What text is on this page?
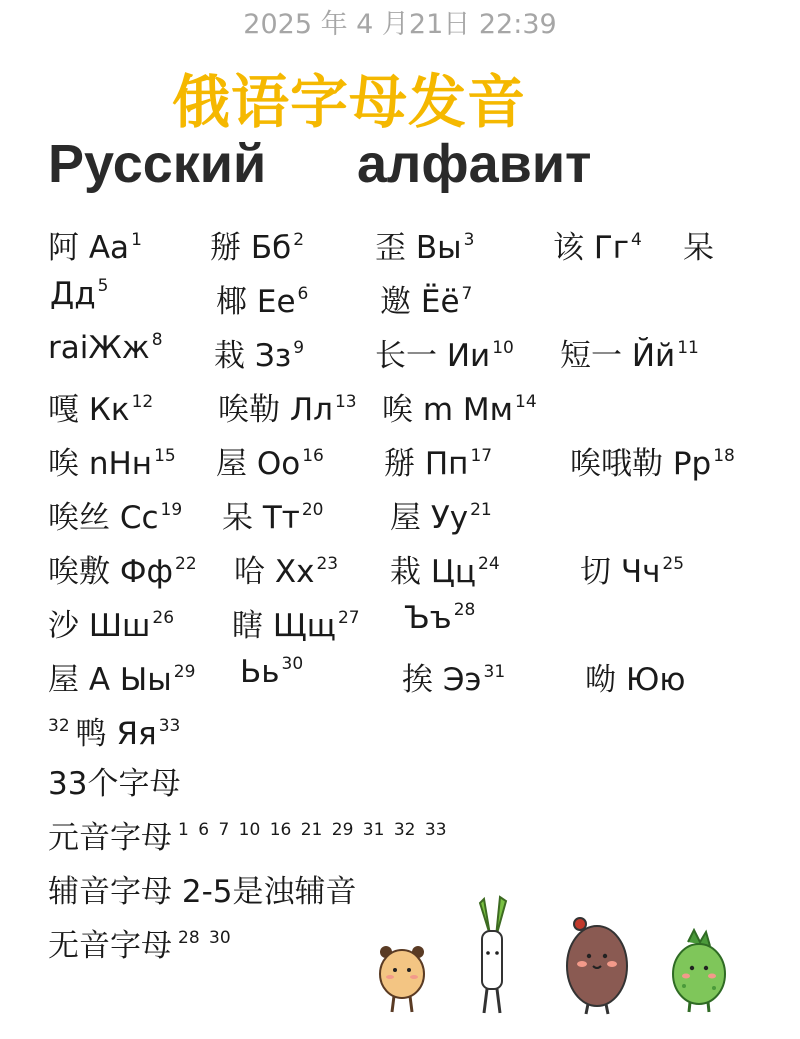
2025 年 4 月21日 22:39
俄语字母发音
Русский алфавит
阿 Aa $^1$ 掰 Бб $^2$ 歪 Вы $^3$	该 Гг $^4$ 呆
Дд $^5$	椰 Ee $^6$ 邀 Ёё $^7$
raiЖж $^8$ 栽 Зз $^9$ 长一 Ии $^{10}$ 短一 Йй $^{11}$
嘎 Кк $^{12}$ 唉勒 Лл $^{13}$ 唉 m Мм $^{14}$
唉 nНн $^{15}$ 屋 Оо $^{16}$ 掰 Пп $^{17}$	唉哦勒 Рр $^{18}$
唉丝 Сс $^{19}$ 呆 Тт $^{20}$ 屋 Уу $^{21}$
唉敷 Фф $^{22}$ 哈 Хх $^{23}$ 栽 Цц $^{24}$	切 Чч $^{25}$
沙 Шш $^{26}$ 瞎 Щщ $^{27}$ Ъъ $^{28}$
屋 A Ыы $^{29}$ Ьь $^{30}$	挨 Ээ $^{31}$	呦 Юю
$^{32}$ 鸭 Яя $^{33}$
33个字母
元音字母 $^{1 6 7 10 16 21 29 31 32 33}$
辅音字母 2-5是浊辅音
无音字母 $^{28 30}$
